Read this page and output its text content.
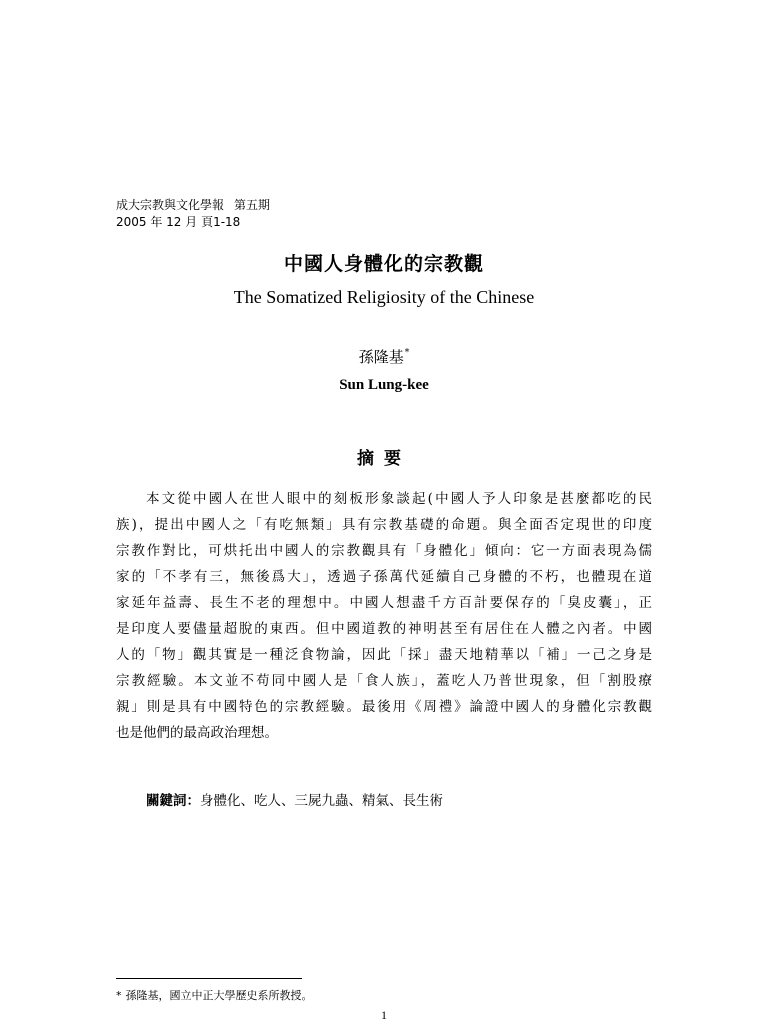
成大宗教與文化學報 第五期
2005 年 12 月 頁1-18
中國人身體化的宗教觀
The Somatized Religiosity of the Chinese
孫隆基*
Sun Lung-kee
摘要
本文從中國人在世人眼中的刻板形象談起(中國人予人印象是甚麼都吃的民
族)，提出中國人之「有吃無類」具有宗教基礎的命題。與全面否定現世的印度
宗教作對比，可烘托出中國人的宗教觀具有「身體化」傾向：它一方面表現為儒
家的「不孝有三，無後爲大」，透過子孫萬代延續自己身體的不朽，也體現在道
家延年益壽、長生不老的理想中。中國人想盡千方百計要保存的「臭皮囊」，正
是印度人要儘量超脫的東西。但中國道教的神明甚至有居住在人體之內者。中國
人的「物」觀其實是一種泛食物論，因此「採」盡天地精華以「補」一己之身是
宗教經驗。本文並不苟同中國人是「食人族」，蓋吃人乃普世現象，但「割股療
親」則是具有中國特色的宗教經驗。最後用《周禮》論證中國人的身體化宗教觀
也是他們的最高政治理想。
關鍵詞：身體化、吃人、三屍九蟲、精氣、長生術
* 孫隆基，國立中正大學歷史系所教授。
1
